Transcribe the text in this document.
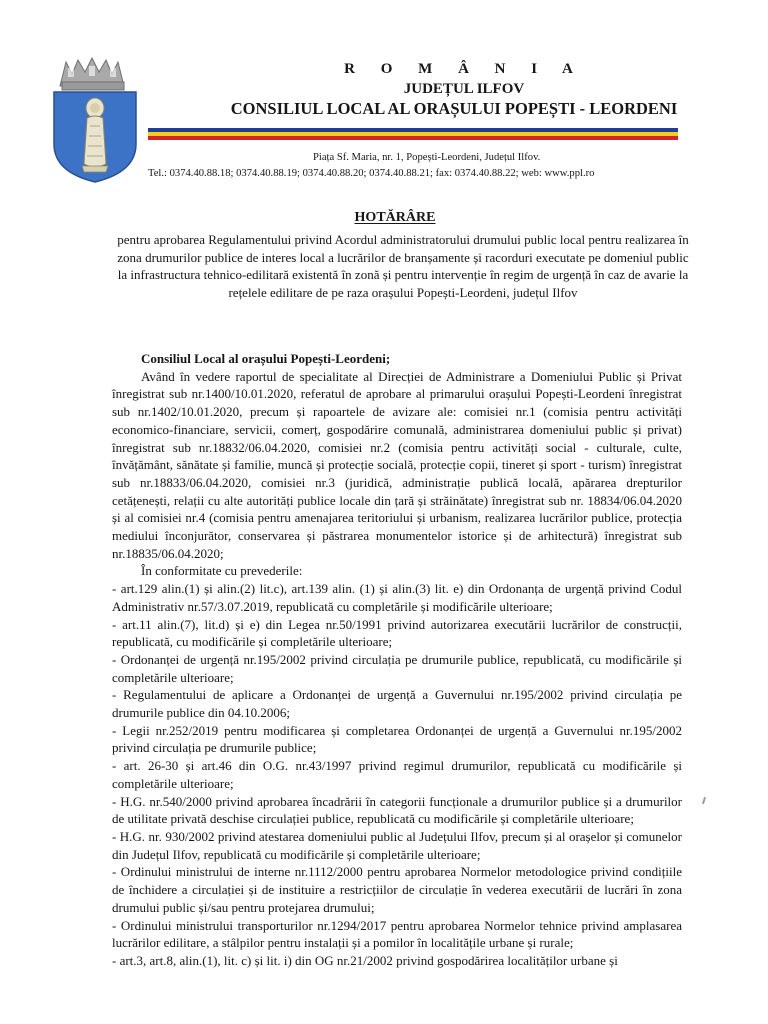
R O M Â N I A
JUDEȚUL ILFOV
CONSILIUL LOCAL AL ORAȘULUI POPEȘTI - LEORDENI
Piața Sf. Maria, nr. 1, Popești-Leordeni, Județul Ilfov.
Tel.: 0374.40.88.18; 0374.40.88.19; 0374.40.88.20; 0374.40.88.21; fax: 0374.40.88.22; web: www.ppl.ro
HOTĂRÂRE
pentru aprobarea Regulamentului privind Acordul administratorului drumului public local pentru realizarea în zona drumurilor publice de interes local a lucrărilor de branșamente și racorduri executate pe domeniul public la infrastructura tehnico-edilitară existentă în zonă și pentru intervenție în regim de urgență în caz de avarie la rețelele edilitare de pe raza orașului Popești-Leordeni, județul Ilfov

Consiliul Local al orașului Popești-Leordeni;

Având în vedere raportul de specialitate al Direcției de Administrare a Domeniului Public și Privat înregistrat sub nr.1400/10.01.2020, referatul de aprobare al primarului orașului Popești-Leordeni înregistrat sub nr.1402/10.01.2020, precum și rapoartele de avizare ale: comisiei nr.1 (comisia pentru activități economico-financiare, servicii, comerț, gospodărire comunală, administrarea domeniului public și privat) înregistrat sub nr.18832/06.04.2020, comisiei nr.2 (comisia pentru activități social - culturale, culte, învățământ, sănătate și familie, muncă și protecție socială, protecție copii, tineret și sport - turism) înregistrat sub nr.18833/06.04.2020, comisiei nr.3 (juridică, administrație publică locală, apărarea drepturilor cetățenești, relații cu alte autorități publice locale din țară și străinătate) înregistrat sub nr. 18834/06.04.2020 și al comisiei nr.4 (comisia pentru amenajarea teritoriului și urbanism, realizarea lucrărilor publice, protecția mediului înconjurător, conservarea și păstrarea monumentelor istorice și de arhitectură) înregistrat sub nr.18835/06.04.2020;

În conformitate cu prevederile:

- art.129 alin.(1) și alin.(2) lit.c), art.139 alin. (1) și alin.(3) lit. e) din Ordonanța de urgență privind Codul Administrativ nr.57/3.07.2019, republicată cu completările și modificările ulterioare;

- art.11 alin.(7), lit.d) și e) din Legea nr.50/1991 privind autorizarea executării lucrărilor de construcții, republicată, cu modificările și completările ulterioare;

- Ordonanței de urgență nr.195/2002 privind circulația pe drumurile publice, republicată, cu modificările și completările ulterioare;

- Regulamentului de aplicare a Ordonanței de urgență a Guvernului nr.195/2002 privind circulația pe drumurile publice din 04.10.2006;

- Legii nr.252/2019 pentru modificarea și completarea Ordonanței de urgență a Guvernului nr.195/2002 privind circulația pe drumurile publice;

- art. 26-30 și art.46 din O.G. nr.43/1997 privind regimul drumurilor, republicată cu modificările și completările ulterioare;

- H.G. nr.540/2000 privind aprobarea încadrării în categorii funcționale a drumurilor publice și a drumurilor de utilitate privată deschise circulației publice, republicată cu modificările și completările ulterioare;

- H.G. nr. 930/2002 privind atestarea domeniului public al Județului Ilfov, precum și al orașelor și comunelor din Județul Ilfov, republicată cu modificările și completările ulterioare;

- Ordinului ministrului de interne nr.1112/2000 pentru aprobarea Normelor metodologice privind condițiile de închidere a circulației și de instituire a restricțiilor de circulație în vederea executării de lucrări în zona drumului public și/sau pentru protejarea drumului;

- Ordinului ministrului transporturilor nr.1294/2017 pentru aprobarea Normelor tehnice privind amplasarea lucrărilor edilitare, a stâlpilor pentru instalații și a pomilor în localitățile urbane și rurale;

- art.3, art.8, alin.(1), lit. c) și lit. i) din OG nr.21/2002 privind gospodărirea localităților urbane și
